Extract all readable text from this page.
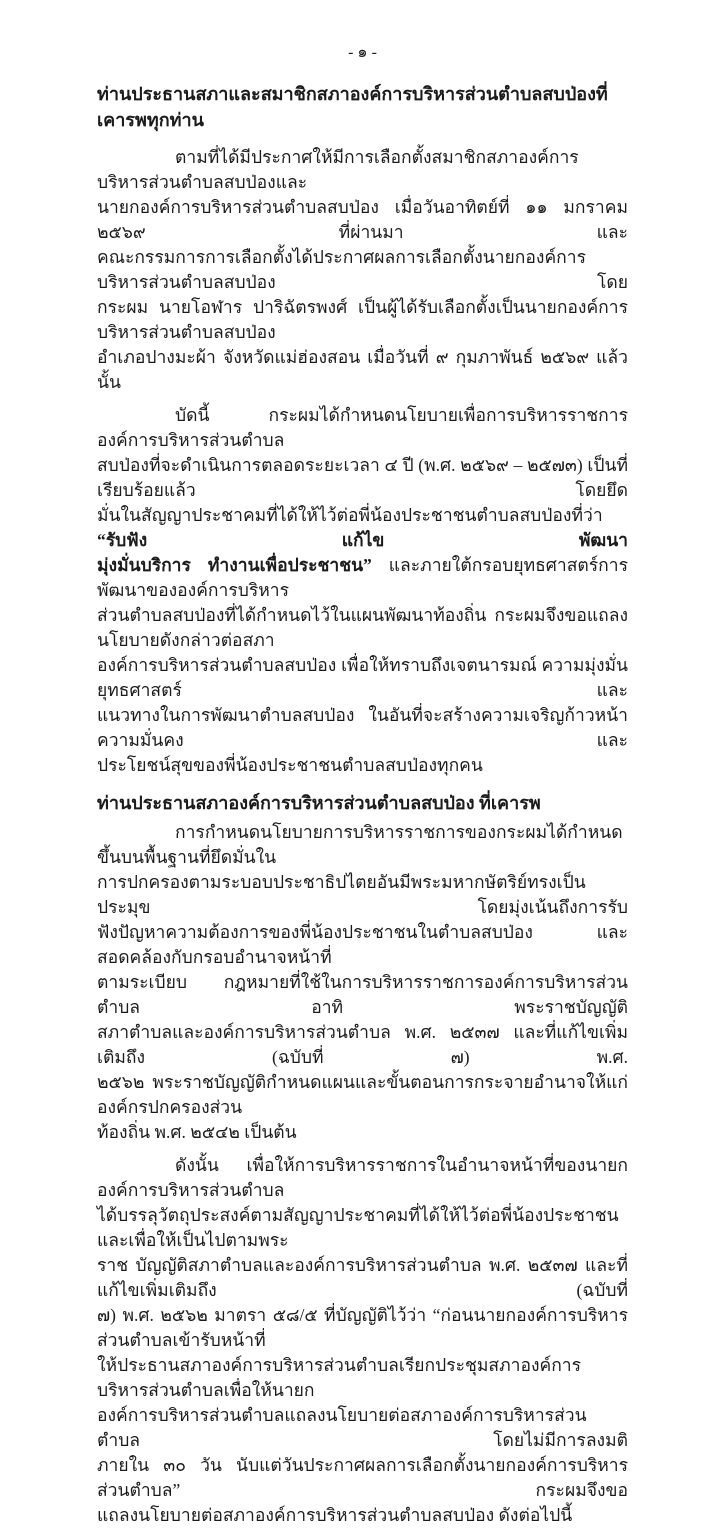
- ๑ -
ท่านประธานสภาและสมาชิกสภาองค์การบริหารส่วนตำบลสบป่องที่เคารพทุกท่าน
ตามที่ได้มีประกาศให้มีการเลือกตั้งสมาชิกสภาองค์การบริหารส่วนตำบลสบป่องและ
นายกองค์การบริหารส่วนตำบลสบป่อง เมื่อวันอาทิตย์ที่ ๑๑ มกราคม ๒๕๖๙ ที่ผ่านมา และ
คณะกรรมการการเลือกตั้งได้ประกาศผลการเลือกตั้งนายกองค์การบริหารส่วนตำบลสบป่อง โดย
กระผม นายโอฬาร ปาริฉัตรพงศ์ เป็นผู้ได้รับเลือกตั้งเป็นนายกองค์การบริหารส่วนตำบลสบป่อง
อำเภอปางมะผ้า จังหวัดแม่ฮ่องสอน เมื่อวันที่ ๙ กุมภาพันธ์ ๒๕๖๙ แล้วนั้น
บัดนี้ กระผมได้กำหนดนโยบายเพื่อการบริหารราชการองค์การบริหารส่วนตำบล
สบป่องที่จะดำเนินการตลอดระยะเวลา ๔ ปี (พ.ศ. ๒๕๖๙ – ๒๕๗๓) เป็นที่เรียบร้อยแล้ว โดยยึด
มั่นในสัญญาประชาคมที่ได้ให้ไว้ต่อพี่น้องประชาชนตำบลสบป่องที่ว่า “รับฟัง แก้ไข พัฒนา
มุ่งมั่นบริการ ทำงานเพื่อประชาชน” และภายใต้กรอบยุทธศาสตร์การพัฒนาขององค์การบริหาร
ส่วนตำบลสบป่องที่ได้กำหนดไว้ในแผนพัฒนาท้องถิ่น กระผมจึงขอแถลงนโยบายดังกล่าวต่อสภา
องค์การบริหารส่วนตำบลสบป่อง เพื่อให้ทราบถึงเจตนารมณ์ ความมุ่งมั่น ยุทธศาสตร์ และ
แนวทางในการพัฒนาตำบลสบป่อง ในอันที่จะสร้างความเจริญก้าวหน้า ความมั่นคง และ
ประโยชน์สุขของพี่น้องประชาชนตำบลสบป่องทุกคน
ท่านประธานสภาองค์การบริหารส่วนตำบลสบป่อง ที่เคารพ
การกำหนดนโยบายการบริหารราชการของกระผมได้กำหนดขึ้นบนพื้นฐานที่ยึดมั่นใน
การปกครองตามระบอบประชาธิปไตยอันมีพระมหากษัตริย์ทรงเป็นประมุข โดยมุ่งเน้นถึงการรับ
ฟังปัญหาความต้องการของพี่น้องประชาชนในตำบลสบป่อง และสอดคล้องกับกรอบอำนาจหน้าที่
ตามระเบียบ กฎหมายที่ใช้ในการบริหารราชการองค์การบริหารส่วนตำบล อาทิ พระราชบัญญัติ
สภาตำบลและองค์การบริหารส่วนตำบล พ.ศ. ๒๕๓๗ และที่แก้ไขเพิ่มเติมถึง (ฉบับที่ ๗) พ.ศ.
๒๕๖๒ พระราชบัญญัติกำหนดแผนและขั้นตอนการกระจายอำนาจให้แก่องค์กรปกครองส่วน
ท้องถิ่น พ.ศ. ๒๕๔๒ เป็นต้น
ดังนั้น เพื่อให้การบริหารราชการในอำนาจหน้าที่ของนายกองค์การบริหารส่วนตำบล
ได้บรรลุวัตถุประสงค์ตามสัญญาประชาคมที่ได้ให้ไว้ต่อพี่น้องประชาชน และเพื่อให้เป็นไปตามพระ
ราช บัญญัติสภาตำบลและองค์การบริหารส่วนตำบล พ.ศ. ๒๕๓๗ และที่แก้ไขเพิ่มเติมถึง (ฉบับที่
๗) พ.ศ. ๒๕๖๒ มาตรา ๕๘/๕ ที่บัญญัติไว้ว่า “ก่อนนายกองค์การบริหารส่วนตำบลเข้ารับหน้าที่
ให้ประธานสภาองค์การบริหารส่วนตำบลเรียกประชุมสภาองค์การบริหารส่วนตำบลเพื่อให้นายก
องค์การบริหารส่วนตำบลแถลงนโยบายต่อสภาองค์การบริหารส่วนตำบล โดยไม่มีการลงมติ
ภายใน ๓๐ วัน นับแต่วันประกาศผลการเลือกตั้งนายกองค์การบริหารส่วนตำบล” กระผมจึงขอ
แถลงนโยบายต่อสภาองค์การบริหารส่วนตำบลสบป่อง ดังต่อไปนี้
